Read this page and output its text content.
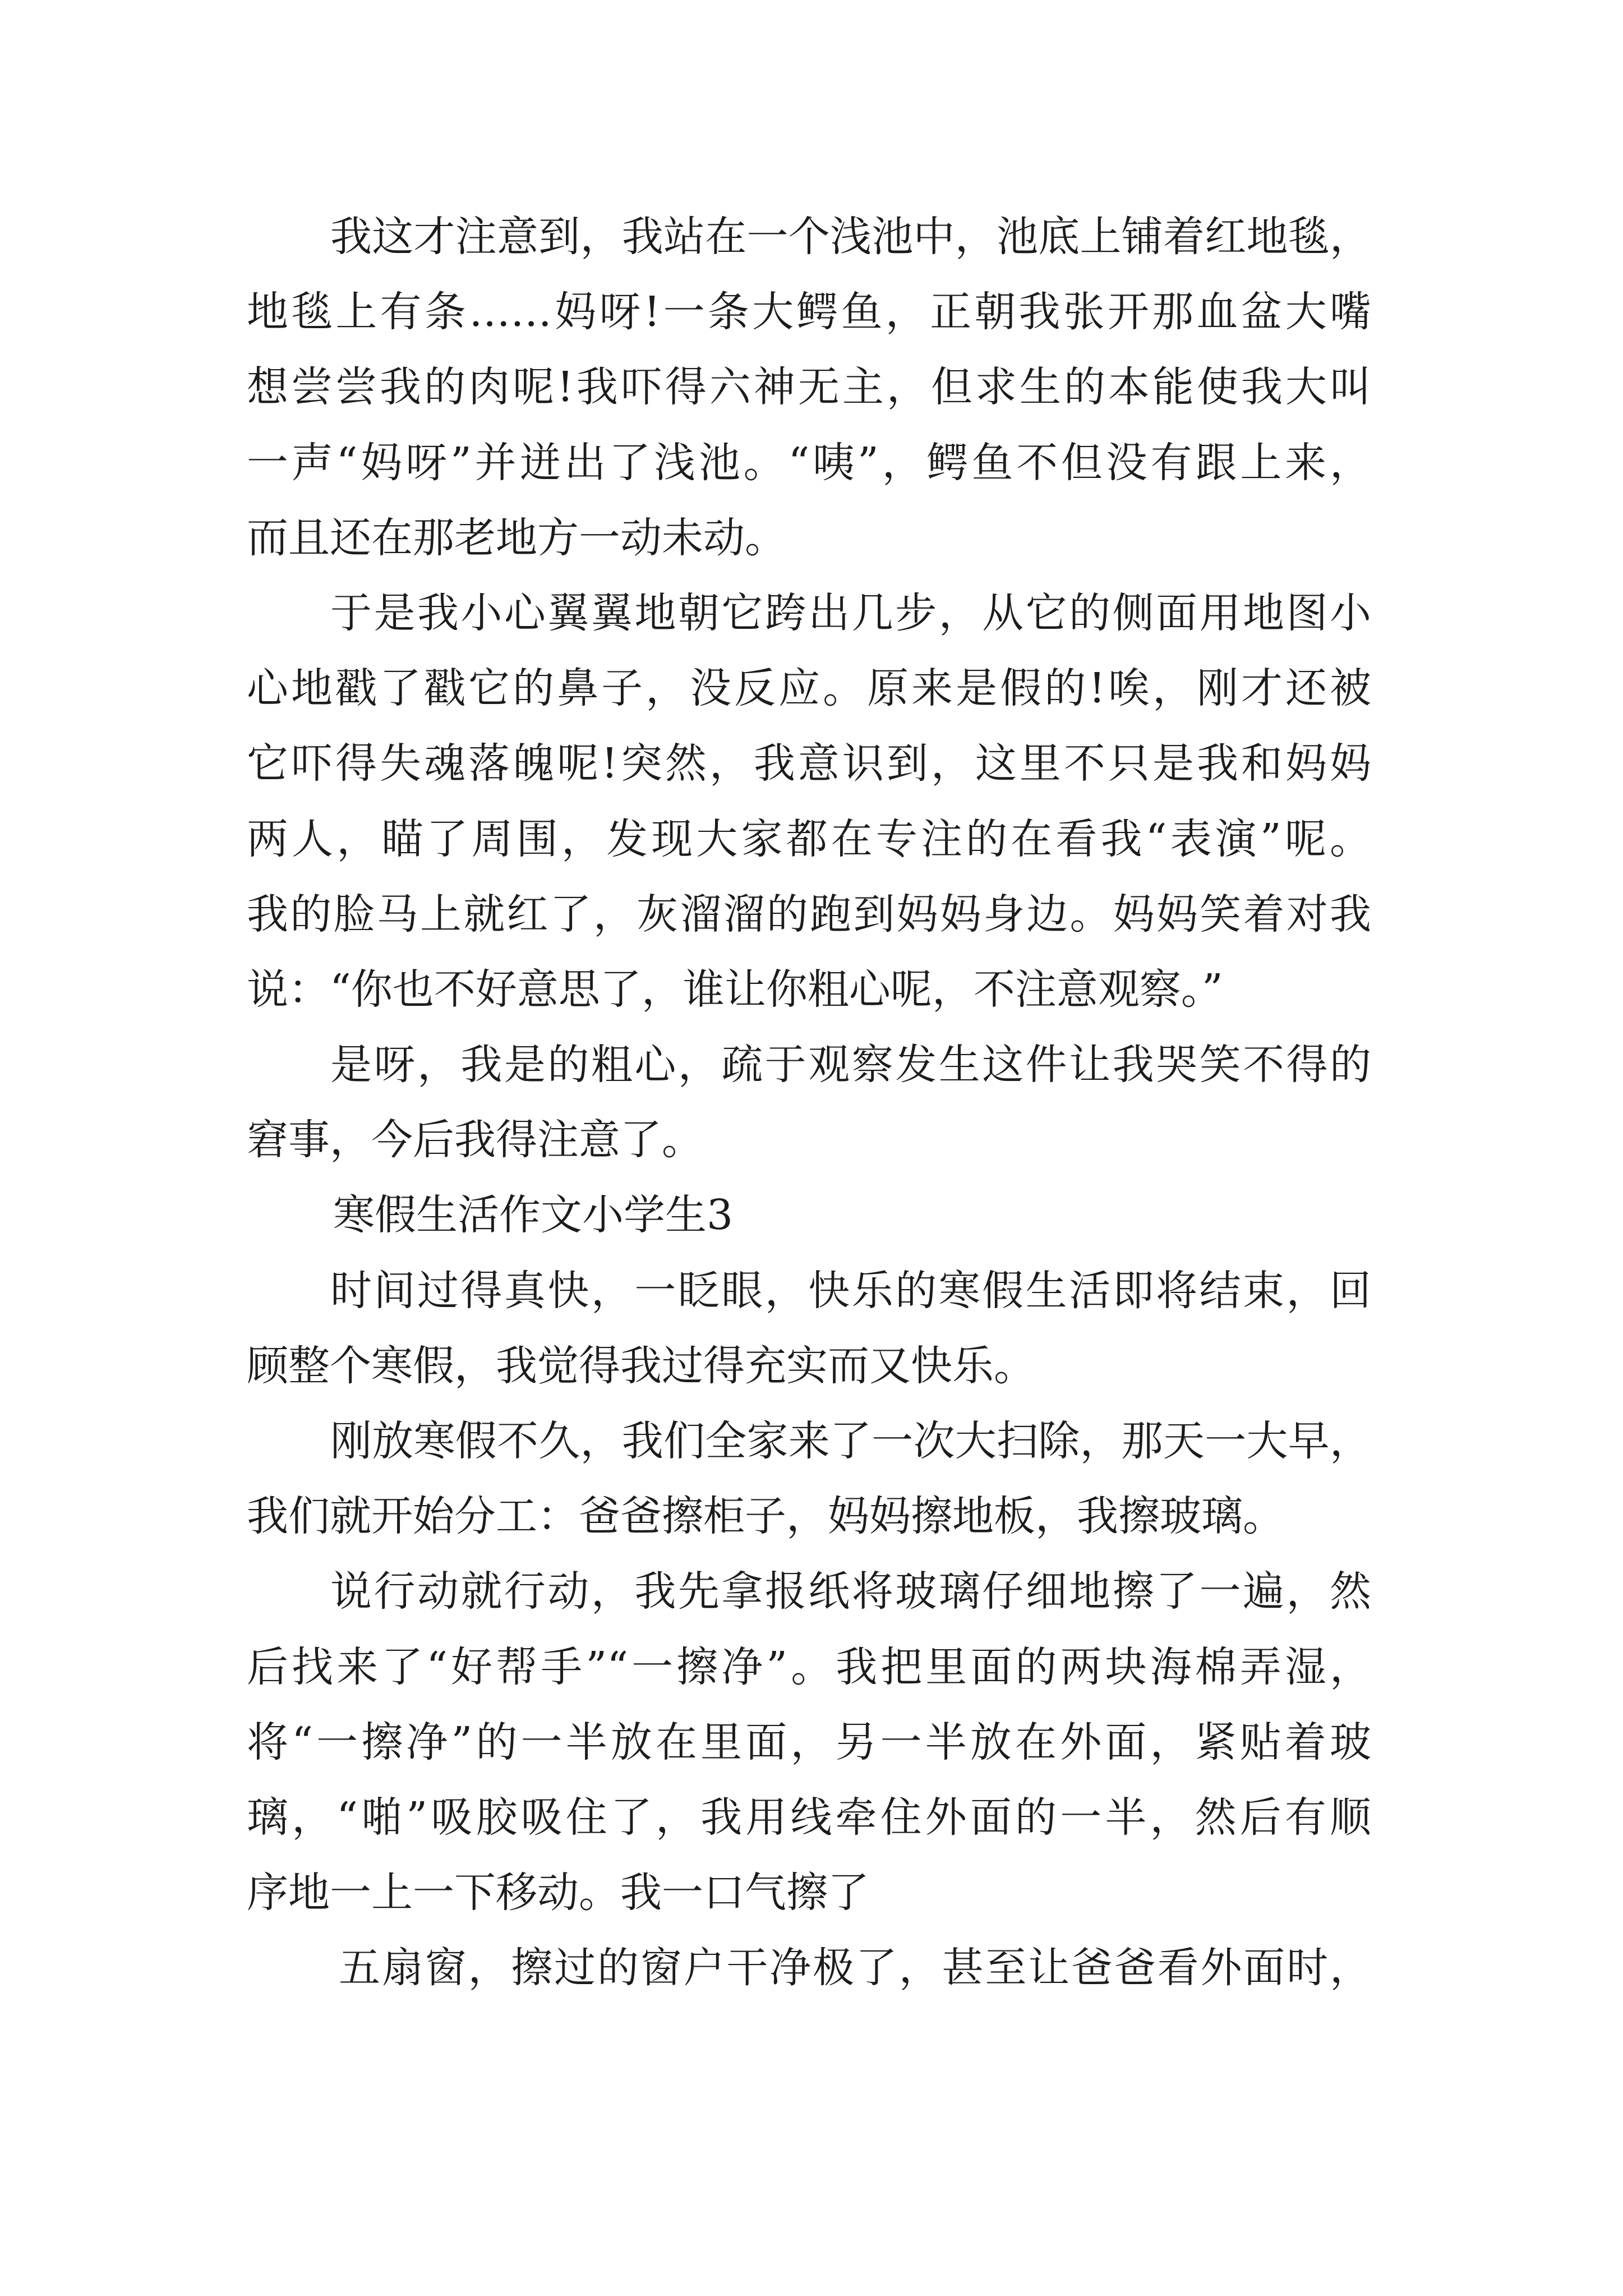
我这才注意到，我站在一个浅池中，池底上铺着红地毯，
地毯上有条……妈呀!一条大鳄鱼，正朝我张开那血盆大嘴
想尝尝我的肉呢!我吓得六神无主，但求生的本能使我大叫
一声“妈呀”并迸出了浅池。“咦”，鳄鱼不但没有跟上来，
而且还在那老地方一动未动。
于是我小心翼翼地朝它跨出几步，从它的侧面用地图小
心地戳了戳它的鼻子，没反应。原来是假的!唉，刚才还被
它吓得失魂落魄呢!突然，我意识到，这里不只是我和妈妈
两人，瞄了周围，发现大家都在专注的在看我“表演”呢。
我的脸马上就红了，灰溜溜的跑到妈妈身边。妈妈笑着对我
说：“你也不好意思了，谁让你粗心呢，不注意观察。”
是呀，我是的粗心，疏于观察发生这件让我哭笑不得的
窘事，今后我得注意了。
寒假生活作文小学生3
时间过得真快，一眨眼，快乐的寒假生活即将结束，回
顾整个寒假，我觉得我过得充实而又快乐。
刚放寒假不久，我们全家来了一次大扫除，那天一大早，
我们就开始分工：爸爸擦柜子，妈妈擦地板，我擦玻璃。
说行动就行动，我先拿报纸将玻璃仔细地擦了一遍，然
后找来了“好帮手”“一擦净”。我把里面的两块海棉弄湿，
将“一擦净”的一半放在里面，另一半放在外面，紧贴着玻
璃，“啪”吸胶吸住了，我用线牵住外面的一半，然后有顺
序地一上一下移动。我一口气擦了
五扇窗，擦过的窗户干净极了，甚至让爸爸看外面时，
